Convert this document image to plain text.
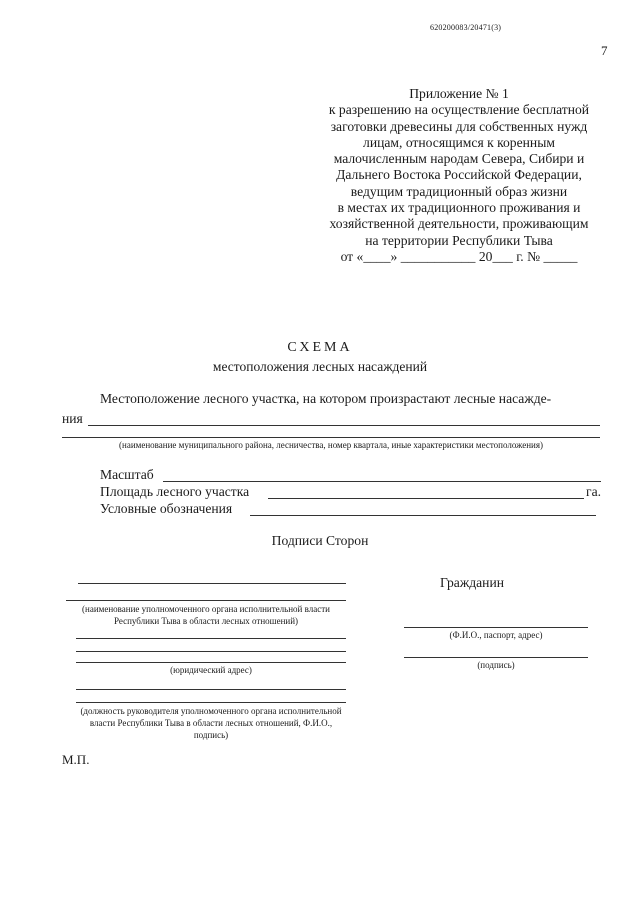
620200083/20471(3)
7
Приложение № 1
к разрешению на осуществление бесплатной
заготовки древесины для собственных нужд
лицам, относящимся к коренным
малочисленным народам Севера, Сибири и
Дальнего Востока Российской Федерации,
ведущим традиционный образ жизни
в местах их традиционного проживания и
хозяйственной деятельности, проживающим
на территории Республики Тыва
от «____» ___________ 20___ г. № _____
СХЕМА
местоположения лесных насаждений
Местоположение лесного участка, на котором произрастают лесные насажде-
ния
(наименование муниципального района, лесничества, номер квартала, иные характеристики местоположения)
Масштаб
Площадь лесного участка	га.
Условные обозначения
Подписи Сторон
(наименование уполномоченного органа исполнительной власти Республики Тыва в области лесных отношений)
(юридический адрес)
(должность руководителя уполномоченного органа исполнительной власти Республики Тыва в области лесных отношений, Ф.И.О., подпись)
Гражданин
(Ф.И.О., паспорт, адрес)
(подпись)
М.П.
